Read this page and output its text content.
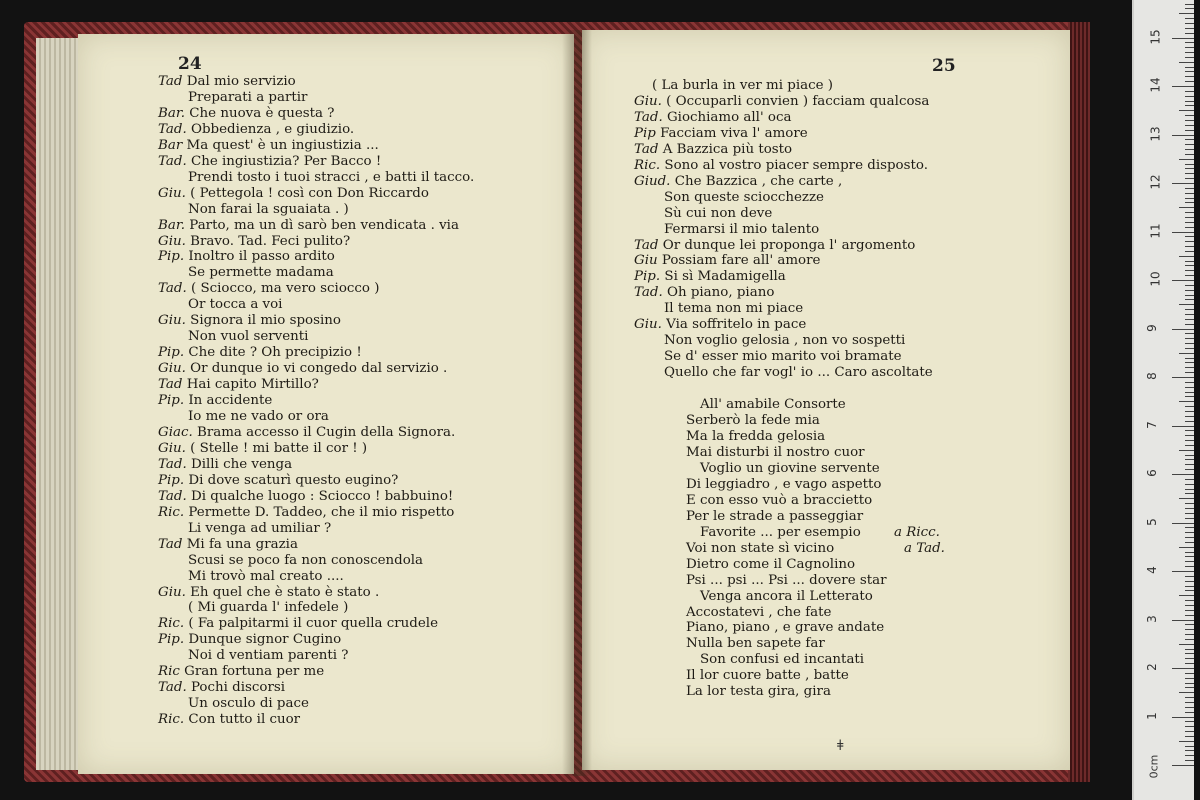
24
Tad Dal mio servizio
Preparati a partir
Bar. Che nuova è questa ?
Tad. Obbedienza , e giudizio.
Bar Ma quest' è un ingiustizia ...
Tad. Che ingiustizia? Per Bacco !
Prendi tosto i tuoi stracci , e batti il tacco.
Giu. ( Pettegola ! così con Don Riccardo
Non farai la sguaiata . )
Bar. Parto, ma un dì sarò ben vendicata . via
Giu. Bravo. Tad. Feci pulito?
Pip. Inoltro il passo ardito
Se permette madama
Tad. ( Sciocco, ma vero sciocco )
Or tocca a voi
Giu. Signora il mio sposino
Non vuol serventi
Pip. Che dite ? Oh precipizio !
Giu. Or dunque io vi congedo dal servizio .
Tad Hai capito Mirtillo?
Pip. In accidente
Io me ne vado or ora
Giac. Brama accesso il Cugin della Signora.
Giu. ( Stelle ! mi batte il cor ! )
Tad. Dilli che venga
Pip. Di dove scaturì questo eugino?
Tad. Di qualche luogo : Sciocco ! babbuino!
Ric. Permette D. Taddeo, che il mio rispetto
Li venga ad umiliar ?
Tad Mi fa una grazia
Scusi se poco fa non conoscendola
Mi trovò mal creato ....
Giu. Eh quel che è stato è stato .
( Mi guarda l' infedele )
Ric. ( Fa palpitarmi il cuor quella crudele
Pip. Dunque signor Cugino
Noi d ventiam parenti ?
Ric Gran fortuna per me
Tad. Pochi discorsi
Un osculo di pace
Ric. Con tutto il cuor
25
( La burla in ver mi piace )
Giu. ( Occuparli convien ) facciam qualcosa
Tad. Giochiamo all' oca
Pip Facciam viva l' amore
Tad A Bazzica più tosto
Ric. Sono al vostro piacer sempre disposto.
Giud. Che Bazzica , che carte ,
Son queste sciocchezze
Sù cui non deve
Fermarsi il mio talento
Tad Or dunque lei proponga l' argomento
Giu Possiam fare all' amore
Pip. Si sì Madamigella
Tad. Oh piano, piano
Il tema non mi piace
Giu. Via soffritelo in pace
Non voglio gelosia , non vo sospetti
Se d' esser mio marito voi bramate
Quello che far vogl' io ... Caro ascoltate
All' amabile Consorte
Serberò la fede mia
Ma la fredda gelosia
Mai disturbi il nostro cuor
Voglio un giovine servente
Di leggiadro , e vago aspetto
E con esso vuò a braccietto
Per le strade a passeggiar
Favorite ... per esempio a Ricc.
Voi non state sì vicino	a Tad.
Dietro come il Cagnolino
Psi ... psi ... Psi ... dovere star
Venga ancora il Letterato
Accostatevi , che fate
Piano, piano , e grave andate
Nulla ben sapete far
Son confusi ed incantati
Il lor cuore batte , batte
La lor testa gira, gira
ǂ
0cm
1
2
3
4
5
6
7
8
9
10
11
12
13
14
15
